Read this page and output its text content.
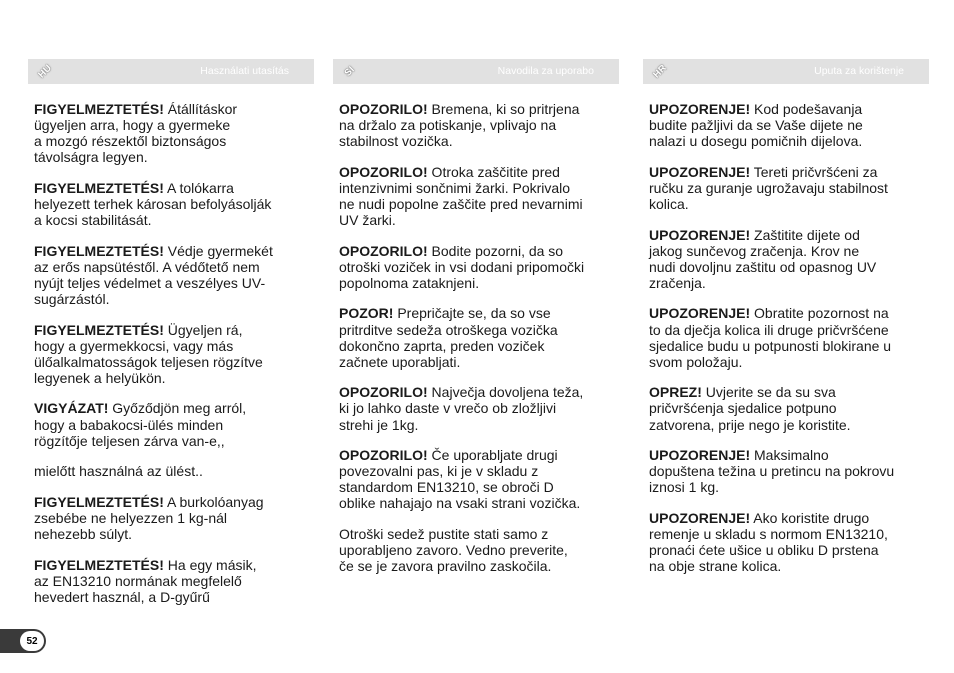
HU	Használati utasítás

FIGYELMEZTETÉS! Átállításkor
ügyeljen arra, hogy a gyermeke
a mozgó részektől biztonságos
távolságra legyen.

FIGYELMEZTETÉS! A tolókarra
helyezett terhek károsan befolyásolják
a kocsi stabilitását.

FIGYELMEZTETÉS! Védje gyermekét
az erős napsütéstől. A védőtető nem
nyújt teljes védelmet a veszélyes UV-
sugárzástól.

FIGYELMEZTETÉS! Ügyeljen rá,
hogy a gyermekkocsi, vagy más
ülőalkalmatosságok teljesen rögzítve
legyenek a helyükön.

VIGYÁZAT! Győződjön meg arról,
hogy a babakocsi-ülés minden
rögzítője teljesen zárva van-e,,

mielőtt használná az ülést..

FIGYELMEZTETÉS! A burkolóanyag
zsebébe ne helyezzen 1 kg-nál
nehezebb súlyt.

FIGYELMEZTETÉS! Ha egy másik,
az EN13210 normának megfelelő
hevedert használ, a D-gyűrű

SI	Navodila za uporabo

OPOZORILO! Bremena, ki so pritrjena
na držalo za potiskanje, vplivajo na
stabilnost vozička.

OPOZORILO! Otroka zaščitite pred
intenzivnimi sončnimi žarki. Pokrivalo
ne nudi popolne zaščite pred nevarnimi
UV žarki.

OPOZORILO! Bodite pozorni, da so
otroški voziček in vsi dodani pripomočki
popolnoma zataknjeni.

POZOR! Prepričajte se, da so vse
pritrditve sedeža otroškega vozička
dokončno zaprta, preden voziček
začnete uporabljati.

OPOZORILO! Največja dovoljena teža,
ki jo lahko daste v vrečo ob zložljivi
strehi je 1kg.

OPOZORILO! Če uporabljate drugi
povezovalni pas, ki je v skladu z
standardom EN13210, se obroči D
oblike nahajajo na vsaki strani vozička.

Otroški sedež pustite stati samo z
uporabljeno zavoro. Vedno preverite,
če se je zavora pravilno zaskočila.

HR	Uputa za korištenje

UPOZORENJE! Kod podešavanja
budite pažljivi da se Vaše dijete ne
nalazi u dosegu pomičnih dijelova.

UPOZORENJE! Tereti pričvršćeni za
ručku za guranje ugrožavaju stabilnost
kolica.

UPOZORENJE! Zaštitite dijete od
jakog sunčevog zračenja. Krov ne
nudi dovoljnu zaštitu od opasnog UV
zračenja.

UPOZORENJE! Obratite pozornost na
to da dječja kolica ili druge pričvršćene
sjedalice budu u potpunosti blokirane u
svom položaju.

OPREZ! Uvjerite se da su sva
pričvršćenja sjedalice potpuno
zatvorena, prije nego je koristite.

UPOZORENJE! Maksimalno
dopuštena težina u pretincu na pokrovu
iznosi 1 kg.

UPOZORENJE! Ako koristite drugo
remenje u skladu s normom EN13210,
pronaći ćete ušice u obliku D prstena
na obje strane kolica.

52
